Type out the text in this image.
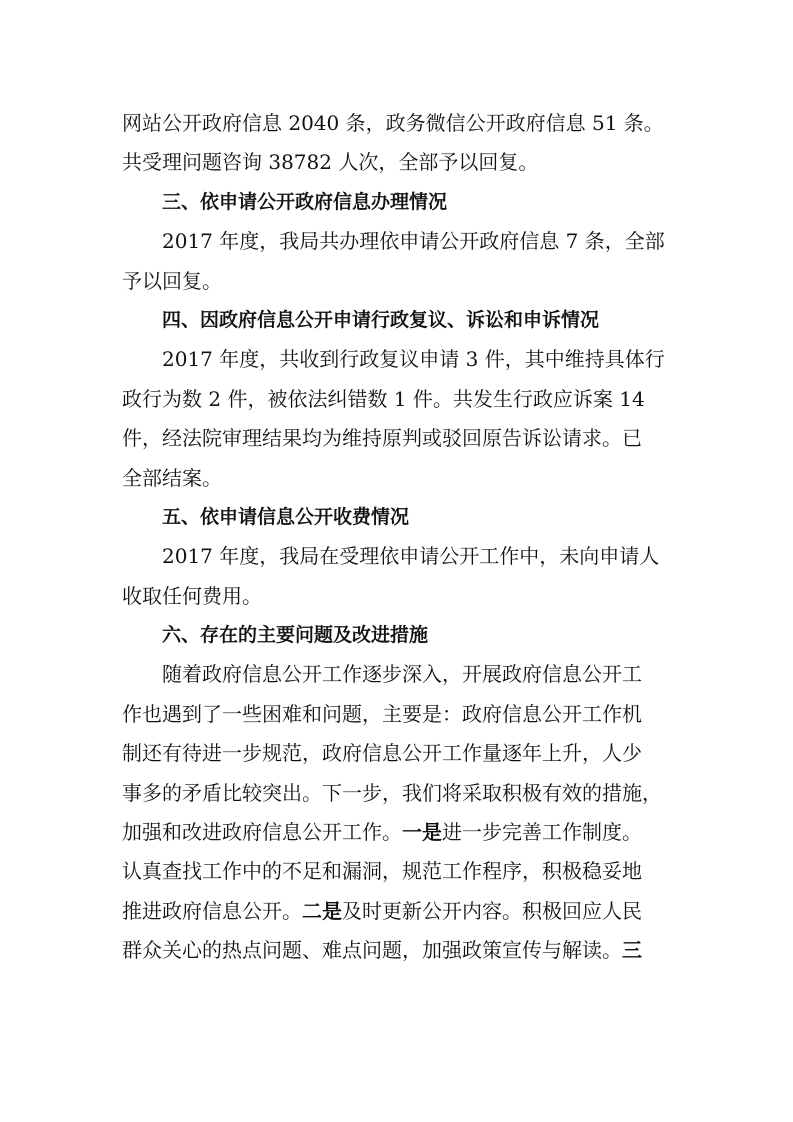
网站公开政府信息 2040 条，政务微信公开政府信息 51 条。
共受理问题咨询 38782 人次，全部予以回复。
三、依申请公开政府信息办理情况
2017 年度，我局共办理依申请公开政府信息 7 条，全部
予以回复。
四、因政府信息公开申请行政复议、诉讼和申诉情况
2017 年度，共收到行政复议申请 3 件，其中维持具体行
政行为数 2 件，被依法纠错数 1 件。共发生行政应诉案 14
件，经法院审理结果均为维持原判或驳回原告诉讼请求。已
全部结案。
五、依申请信息公开收费情况
2017 年度，我局在受理依申请公开工作中，未向申请人
收取任何费用。
六、存在的主要问题及改进措施
随着政府信息公开工作逐步深入，开展政府信息公开工
作也遇到了一些困难和问题，主要是：政府信息公开工作机
制还有待进一步规范，政府信息公开工作量逐年上升，人少
事多的矛盾比较突出。下一步，我们将采取积极有效的措施，
加强和改进政府信息公开工作。一是进一步完善工作制度。
认真查找工作中的不足和漏洞，规范工作程序，积极稳妥地
推进政府信息公开。二是及时更新公开内容。积极回应人民
群众关心的热点问题、难点问题，加强政策宣传与解读。三
